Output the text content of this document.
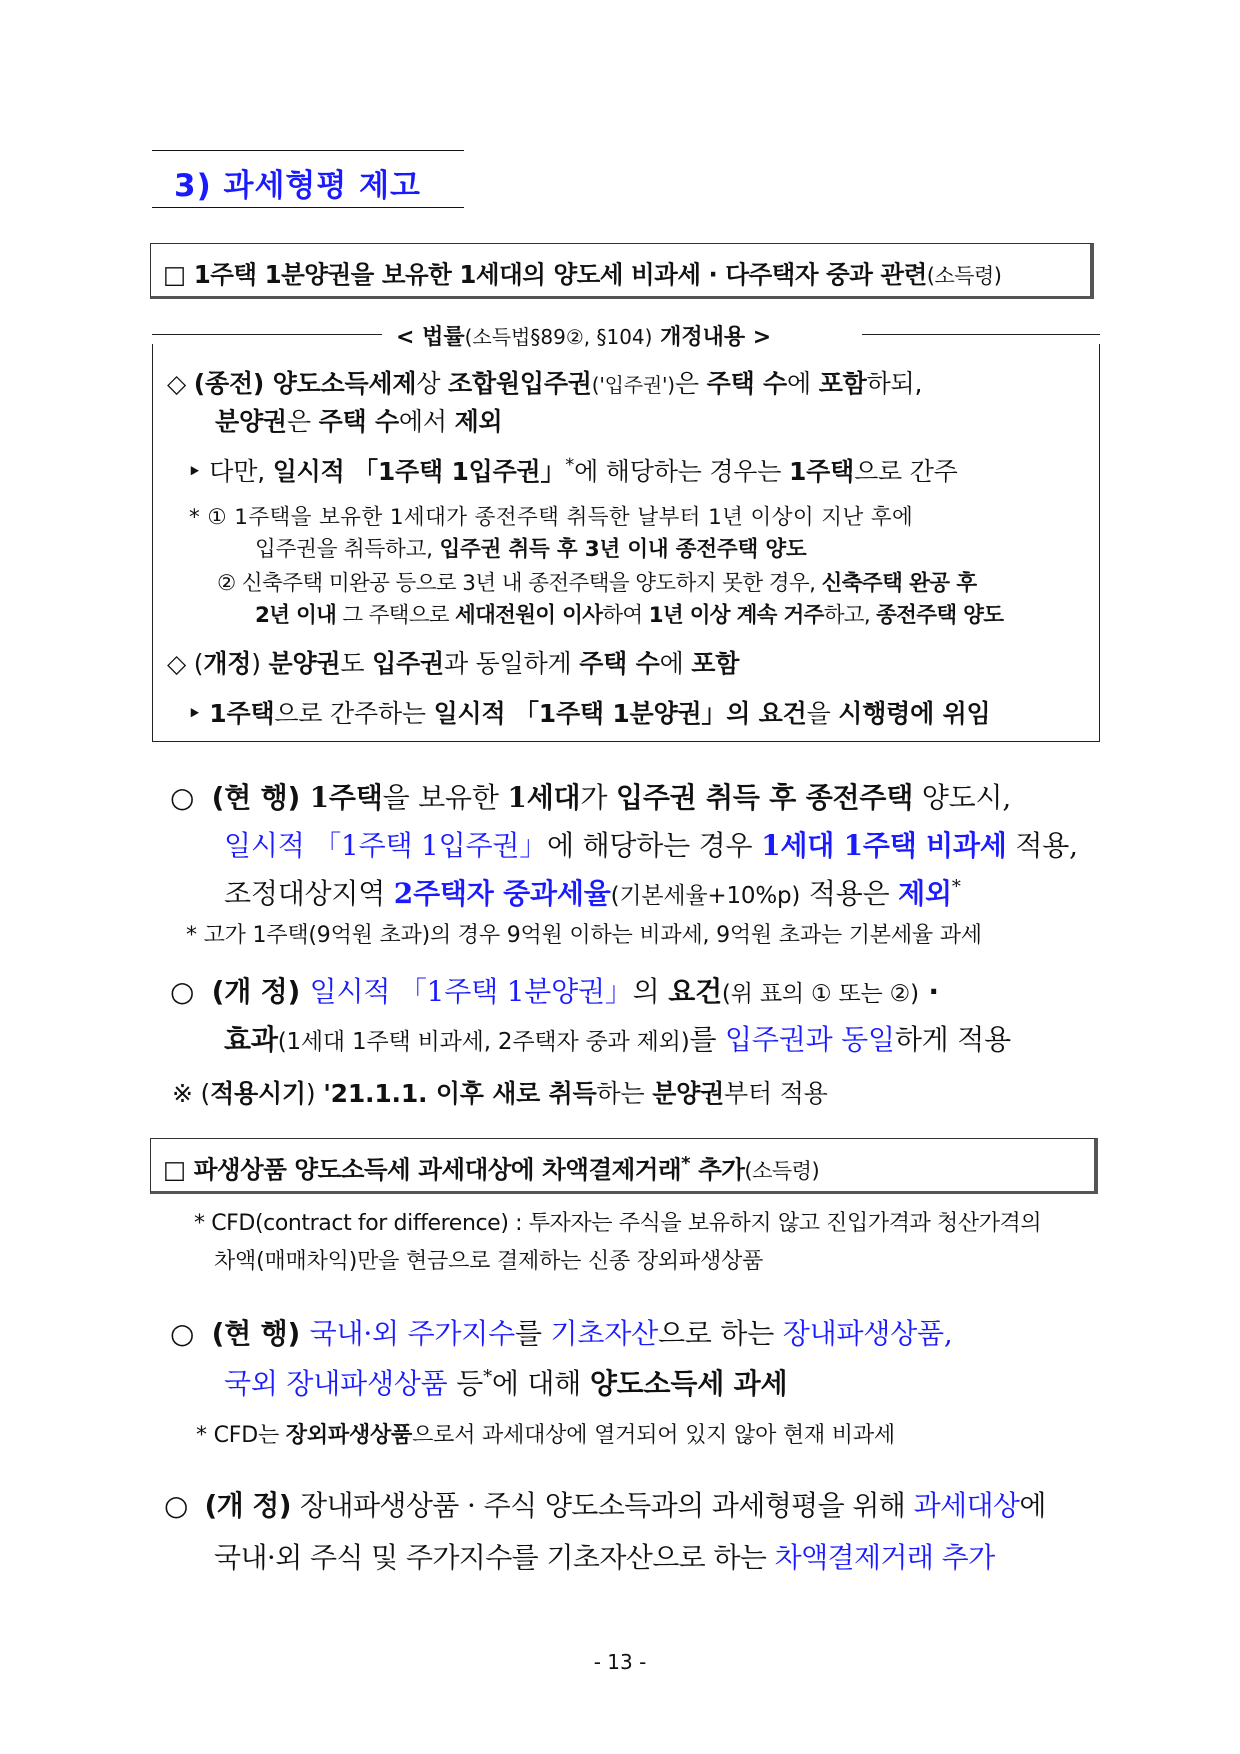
3) 과세형평 제고
□ 1주택 1분양권을 보유한 1세대의 양도세 비과세 · 다주택자 중과 관련(소득령)
< 법률(소득법§89②, §104) 개정내용 >
◇ (종전) 양도소득세제상 조합원입주권('입주권')은 주택 수에 포함하되,
분양권은 주택 수에서 제외
‣ 다만, 일시적 「1주택 1입주권」*에 해당하는 경우는 1주택으로 간주
* ① 1주택을 보유한 1세대가 종전주택 취득한 날부터 1년 이상이 지난 후에
입주권을 취득하고, 입주권 취득 후 3년 이내 종전주택 양도
② 신축주택 미완공 등으로 3년 내 종전주택을 양도하지 못한 경우, 신축주택 완공 후
2년 이내 그 주택으로 세대전원이 이사하여 1년 이상 계속 거주하고, 종전주택 양도
◇ (개정) 분양권도 입주권과 동일하게 주택 수에 포함
‣ 1주택으로 간주하는 일시적 「1주택 1분양권」의 요건을 시행령에 위임
○ (현 행) 1주택을 보유한 1세대가 입주권 취득 후 종전주택 양도시,
일시적 「1주택 1입주권」에 해당하는 경우 1세대 1주택 비과세 적용,
조정대상지역 2주택자 중과세율(기본세율+10%p) 적용은 제외*
* 고가 1주택(9억원 초과)의 경우 9억원 이하는 비과세, 9억원 초과는 기본세율 과세
○ (개 정) 일시적 「1주택 1분양권」의 요건(위 표의 ① 또는 ②) ·
효과(1세대 1주택 비과세, 2주택자 중과 제외)를 입주권과 동일하게 적용
※ (적용시기) '21.1.1. 이후 새로 취득하는 분양권부터 적용
□ 파생상품 양도소득세 과세대상에 차액결제거래* 추가(소득령)
* CFD(contract for difference) : 투자자는 주식을 보유하지 않고 진입가격과 청산가격의
차액(매매차익)만을 현금으로 결제하는 신종 장외파생상품
○ (현 행) 국내·외 주가지수를 기초자산으로 하는 장내파생상품,
국외 장내파생상품 등*에 대해 양도소득세 과세
* CFD는 장외파생상품으로서 과세대상에 열거되어 있지 않아 현재 비과세
○ (개 정) 장내파생상품 · 주식 양도소득과의 과세형평을 위해 과세대상에
국내·외 주식 및 주가지수를 기초자산으로 하는 차액결제거래 추가
- 13 -
